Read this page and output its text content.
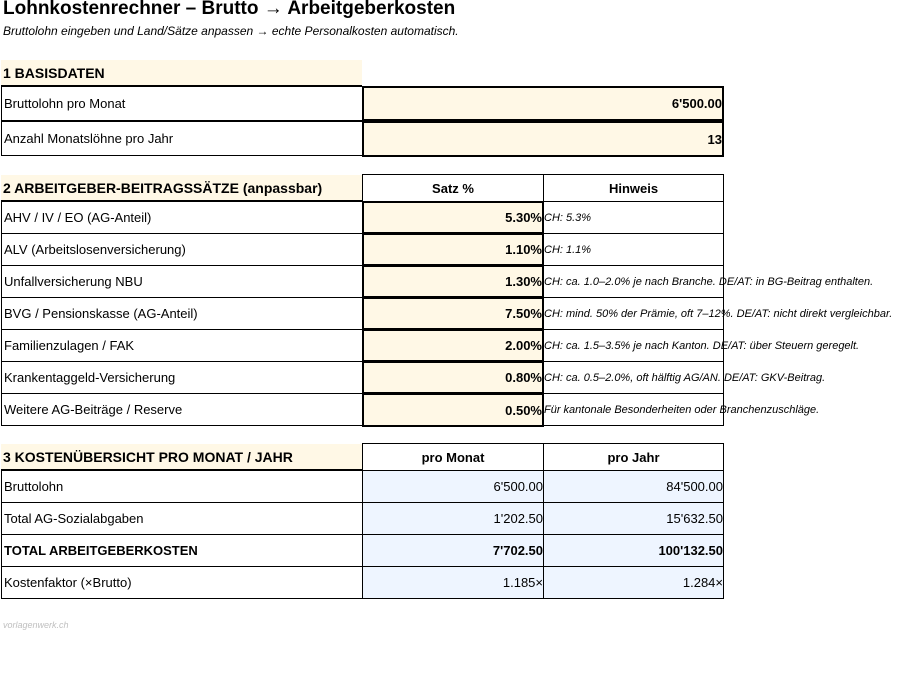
Lohnkostenrechner – Brutto → Arbeitgeberkosten
Bruttolohn eingeben und Land/Sätze anpassen → echte Personalkosten automatisch.
1 BASISDATEN
Bruttolohn pro Monat	6'500.00
Anzahl Monatslöhne pro Jahr	13
2 ARBEITGEBER-BEITRAGSSÄTZE (anpassbar)	Satz %	Hinweis
AHV / IV / EO (AG-Anteil)	5.30% CH: 5.3%
ALV (Arbeitslosenversicherung)	1.10% CH: 1.1%
Unfallversicherung NBU	1.30% CH: ca. 1.0–2.0% je nach Branche. DE/AT: in BG-Beitrag enthalten.
BVG / Pensionskasse (AG-Anteil)	7.50% CH: mind. 50% der Prämie, oft 7–12%. DE/AT: nicht direkt vergleichbar.
Familienzulagen / FAK	2.00% CH: ca. 1.5–3.5% je nach Kanton. DE/AT: über Steuern geregelt.
Krankentaggeld-Versicherung	0.80% CH: ca. 0.5–2.0%, oft hälftig AG/AN. DE/AT: GKV-Beitrag.
Weitere AG-Beiträge / Reserve	0.50% Für kantonale Besonderheiten oder Branchenzuschläge.
3 KOSTENÜBERSICHT PRO MONAT / JAHR	pro Monat	pro Jahr
Bruttolohn	6'500.00	84'500.00
Total AG-Sozialabgaben	1'202.50	15'632.50
TOTAL ARBEITGEBERKOSTEN	7'702.50	100'132.50
Kostenfaktor (×Brutto)	1.185×	1.284×
vorlagenwerk.ch
